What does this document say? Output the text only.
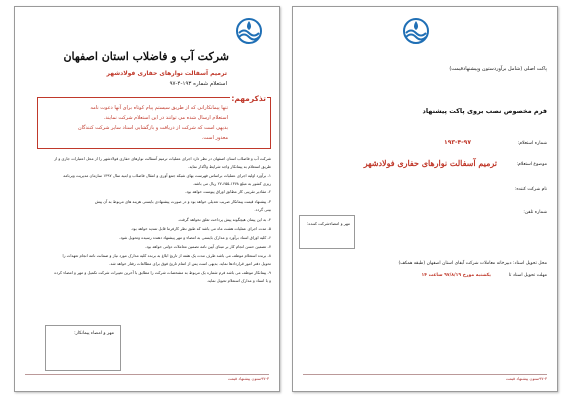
شرکت آب و فاضلاب استان اصفهان
ترمیم آسفالت نوارهای حفاری فولادشهر
استعلام شماره ۱۹۳-۴-۹۷
تذکرمهم:
تنها پیمانکارانی که از طریق سیستم پیام کوتاه برای آنها دعوت نامه
استعلام ارسال شده می توانند در این استعلام شرکت نمایند.
بدیهی است که شرکت از دریافت و بازگشایی اسناد سایر شرکت کنندگان
معذور است.
شرکت آب و فاضلاب استان اصفهان در نظر دارد اجرای عملیات ترمیم آسفالت نوارهای حفاری فولادشهر را از محل اعتبارات جاری و از
طریق استعلام به پیمانکار واجد شرایط واگذار نماید.
۱- برآورد اولیه اجرای عملیات براساس فهرست بهای شبکه جمع آوری و انتقال فاضلاب و ابنیه سال ۱۳۹۷ سازمان مدیریت وبرنامه
ریزی کشور به مبلغ ۲۷،۶۵۵،۱۳۷۸ ریال می باشد.
۲- مقادیر تقریبی کار مطابق اوراق پیوست خواهد بود.
۳- پیشنهاد قیمت پیمانکار ضریب تعدیلی خواهد بود و در صورت پیشنهادی بایستی هزینه های مربوط به آن پیش
بینی گردد.
۴- به این پیمان هیچگونه پیش پرداخت تعلق نخواهد گرفت.
۵- مدت اجرای عملیات هشت ماه می باشد که طبق نظر کارفرما قابل تمدید خواهد بود.
۶- کلیه اوراق اسناد برآورد و مدارک بایستی به امضاء و مهر پیشنهاد دهنده رسیده وتحویل شود.
۷- تضمین حسن انجام کار بر مبنای آیین نامه تضمین معاملات دولتی خواهد بود.
۸- برنده استعلام موظف می باشد ظرف مدت یک هفته از تاریخ ابلاغ به برنده کلیه مدارک مورد نیاز و ضمانت نامه انجام تعهدات را
تحویل دفتر امور قراردادها نماید. بدیهی است پس از اتمام تاریخ فوق برای مطالعات رفتار خواهد شد.
۹- پیمانکار موظف می باشد فرم شماره یک مربوط به مشخصات شرکت را مطابق با آخرین تغییرات شرکت تکمیل و مهر و امضاء کرده
و با اسناد و مدارک استعلام تحویل نماید.
مهر و امضاء پیمانکار:
۹۷-۳ستون پیشنهاد قیمت
پاکت اصلی (شامل برآوردستون وپیشنهادقیمت)
فرم مخصوص نصب بروی پاکت پیشنهاد
شماره استعلام:
۱۹۳-۴-۹۷
موضوع استعلام:
ترمیم آسفالت نوارهای حفاری فولادشهر
نام شرکت کننده:
شماره تلفن:
مهر و امضاءشرکت کننده:
محل تحویل اسناد: دبیرخانه معاملات شرکت آبفای استان اصفهان (طبقه همکف)
مهلت تحویل اسناد تا
یکشنبه مورخ ۹۷/۸/۱۹ ساعت ۱۴
۹۷-۳ستون پیشنهاد قیمت
